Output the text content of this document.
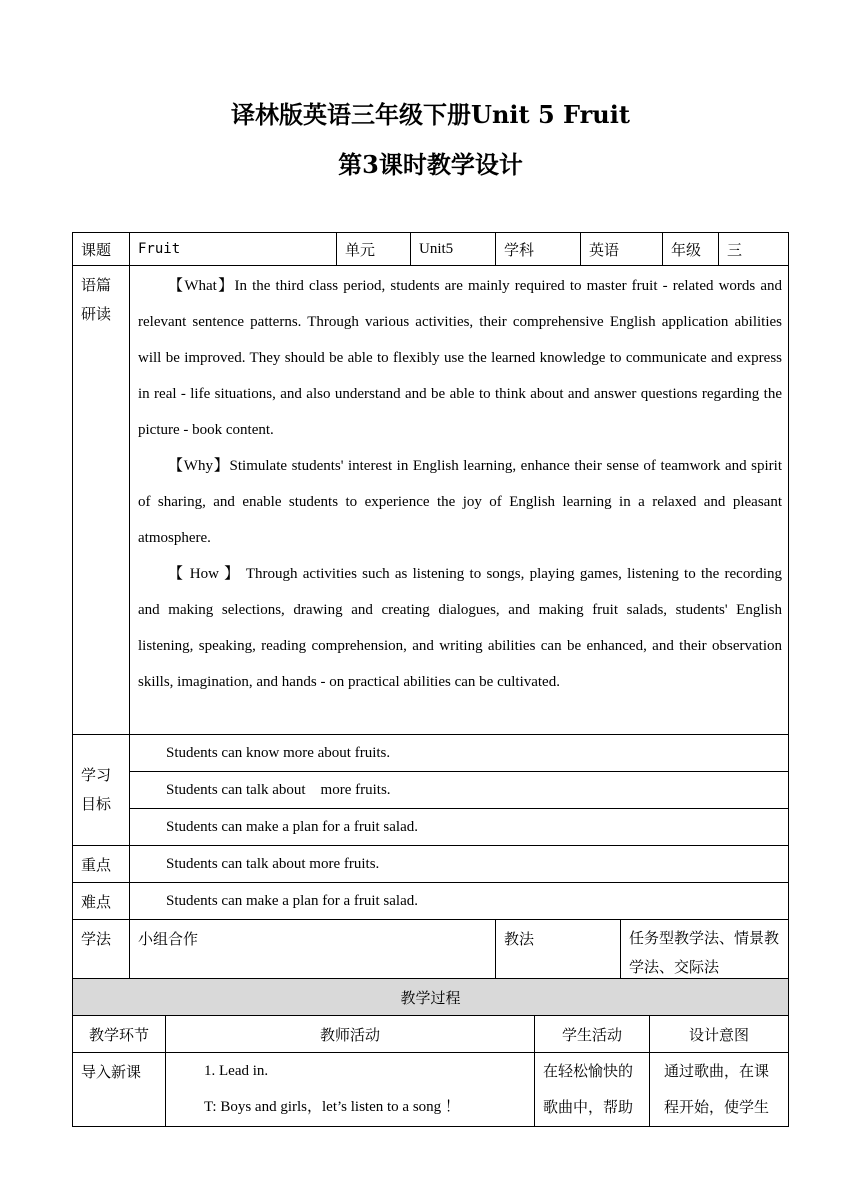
译林版英语三年级下册Unit 5 Fruit
第3课时教学设计
课题	Fruit	单元	Unit5	学科	英语		年级	三
语篇研读	【What】In the third class period, students are mainly required to master fruit - related words and relevant sentence patterns. Through various activities, their comprehensive English application abilities will be improved. They should be able to flexibly use the learned knowledge to communicate and express in real - life situations, and also understand and be able to think about and answer questions regarding the picture - book content.

【Why】Stimulate students' interest in English learning, enhance their sense of teamwork and spirit of sharing, and enable students to experience the joy of English learning in a relaxed and pleasant atmosphere.

【 How 】 Through activities such as listening to songs, playing games, listening to the recording and making selections, drawing and creating dialogues, and making fruit salads, students' English listening, speaking, reading comprehension, and writing abilities can be enhanced, and their observation skills, imagination, and hands - on practical abilities can be cultivated.							

学习目标	Students can know more about fruits.							
	Students can talk about    more fruits.							
	Students can make a plan for a fruit salad.							
重点	Students can talk about more fruits.							
难点	Students can make a plan for a fruit salad.							
学法	小组合作			教法		任务型教学法、情景教学法、交际法		
教学过程			
教学环节	教师活动	学生活动	设计意图
导入新课	1. Lead in.
T: Boys and girls，let’s listen to a song ！	在轻松愉快的歌曲中，帮助	通过歌曲，在课程开始，使学生
